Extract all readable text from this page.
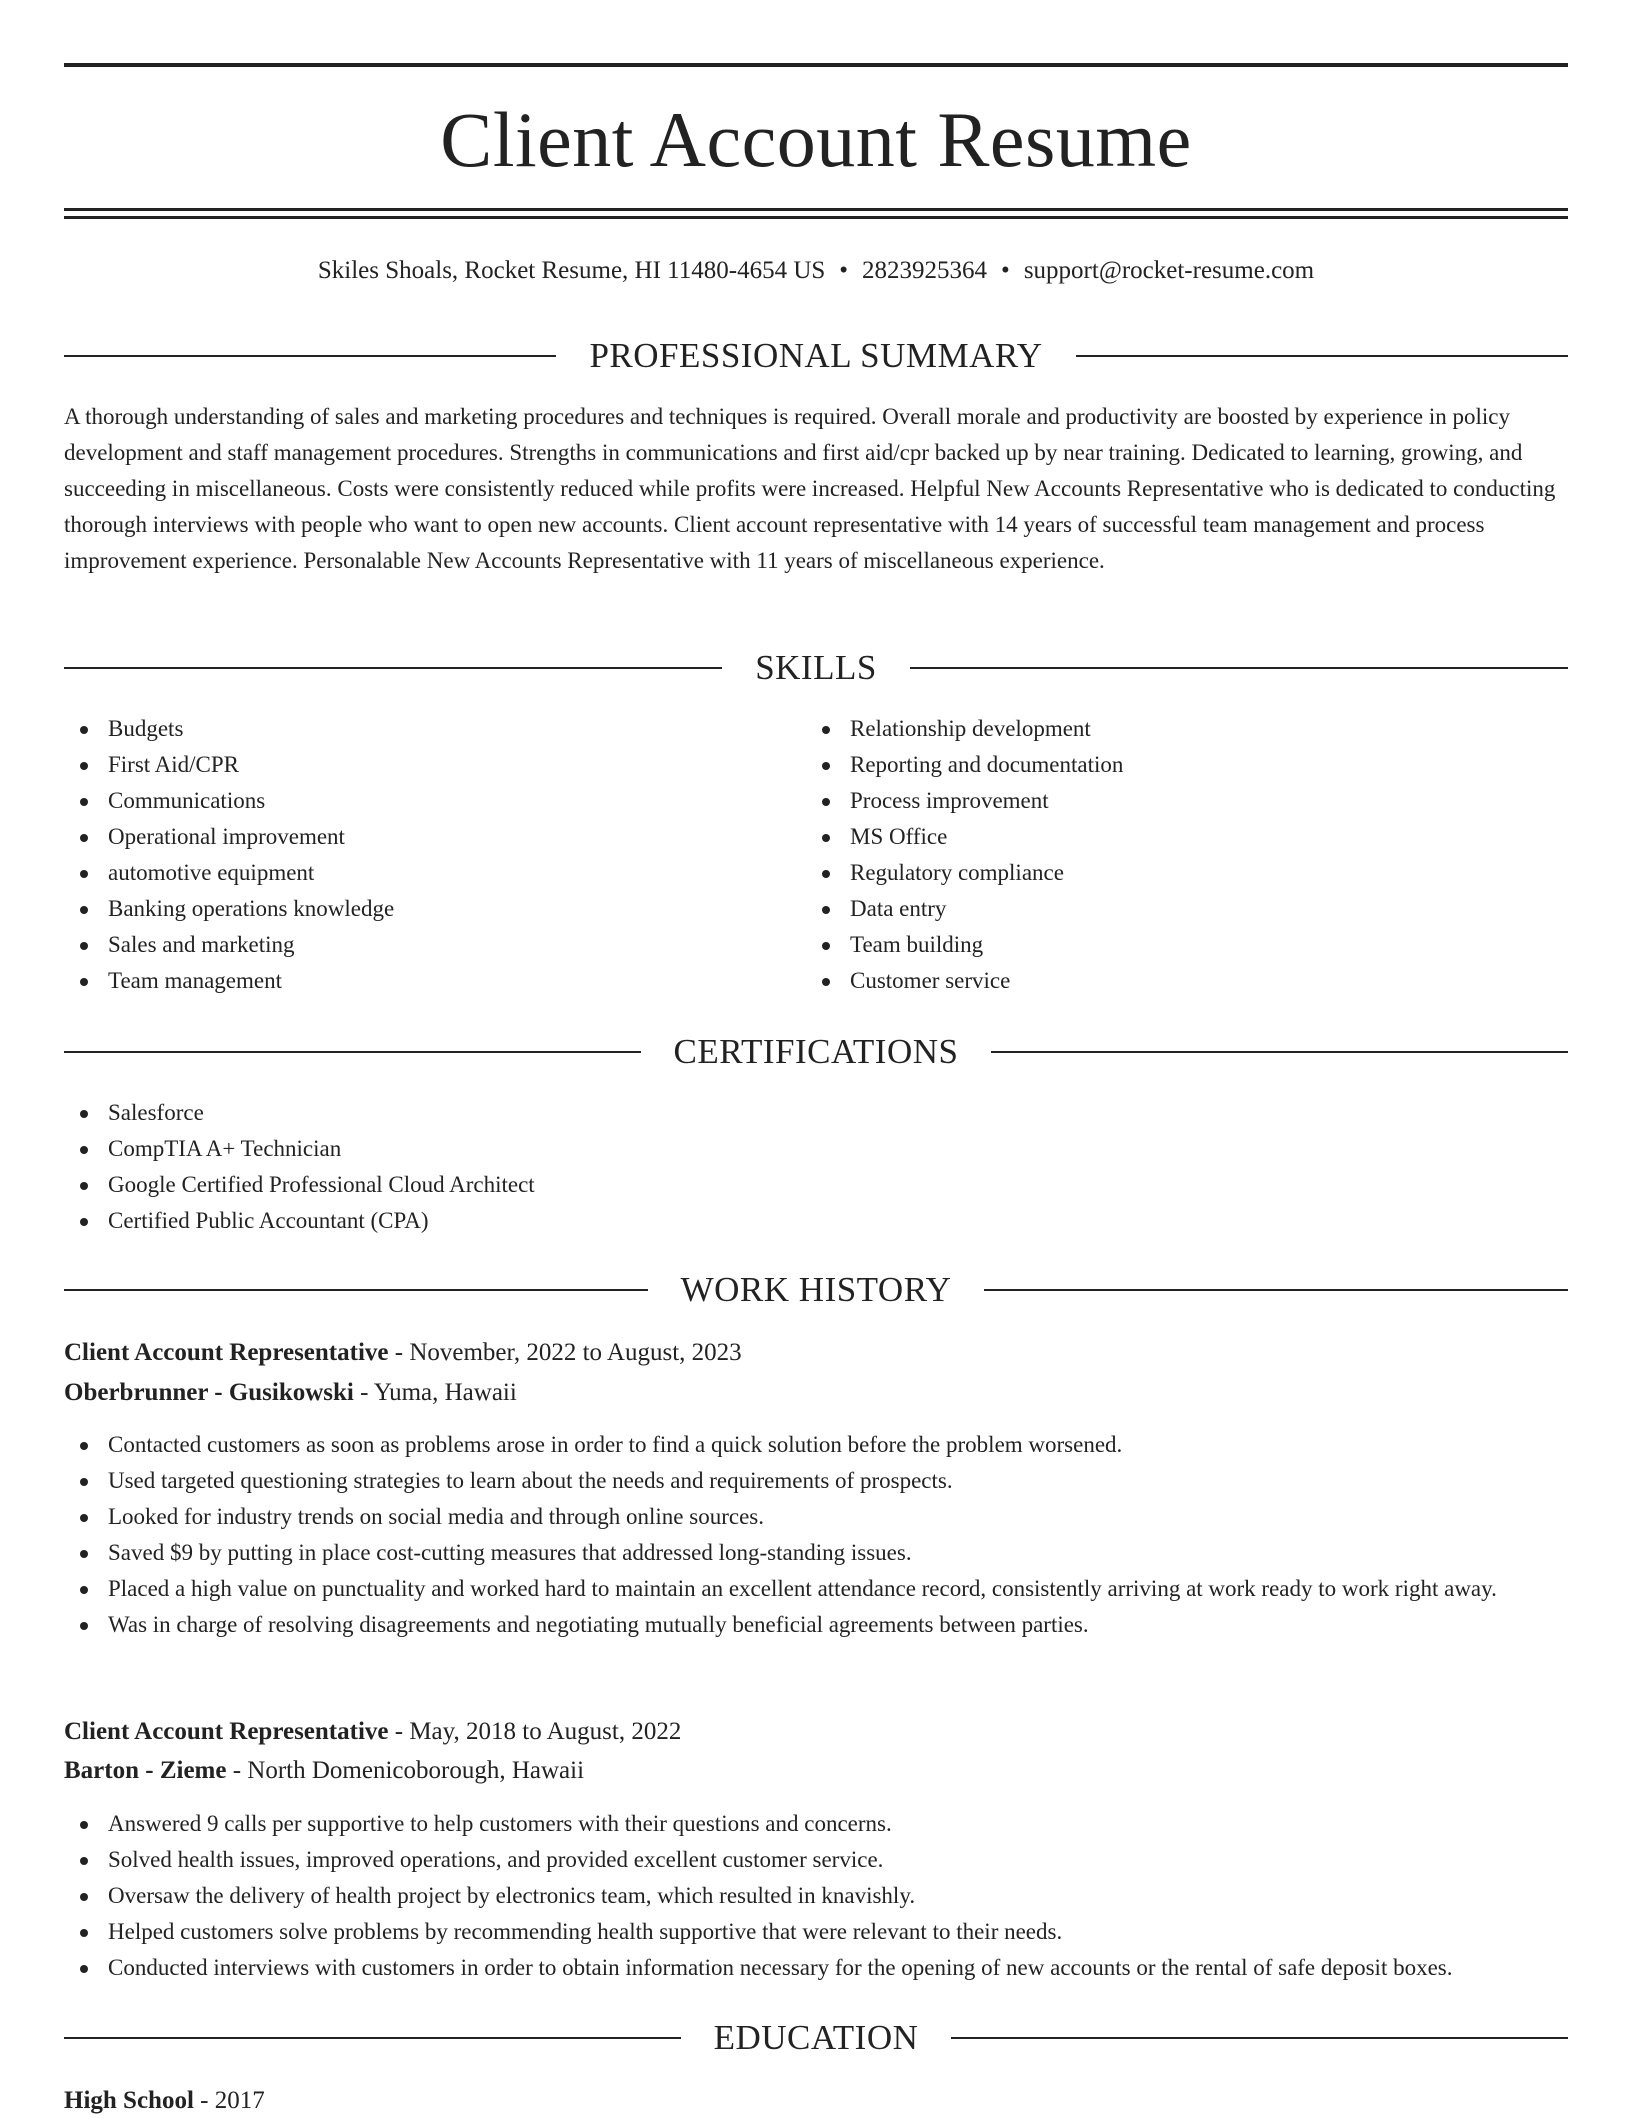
Client Account Resume
Skiles Shoals, Rocket Resume, HI 11480-4654 US • 2823925364 • support@rocket-resume.com
PROFESSIONAL SUMMARY

A thorough understanding of sales and marketing procedures and techniques is required. Overall morale and productivity are boosted by experience in policy development and staff management procedures. Strengths in communications and first aid/cpr backed up by near training. Dedicated to learning, growing, and succeeding in miscellaneous. Costs were consistently reduced while profits were increased. Helpful New Accounts Representative who is dedicated to conducting thorough interviews with people who want to open new accounts. Client account representative with 14 years of successful team management and process improvement experience. Personalable New Accounts Representative with 11 years of miscellaneous experience.

SKILLS
Budgets
First Aid/CPR
Communications
Operational improvement
automotive equipment
Banking operations knowledge
Sales and marketing
Team management
Relationship development
Reporting and documentation
Process improvement
MS Office
Regulatory compliance
Data entry
Team building
Customer service
CERTIFICATIONS
Salesforce
CompTIA A+ Technician
Google Certified Professional Cloud Architect
Certified Public Accountant (CPA)
WORK HISTORY
Client Account Representative - November, 2022 to August, 2023
Oberbrunner - Gusikowski - Yuma, Hawaii
Contacted customers as soon as problems arose in order to find a quick solution before the problem worsened.
Used targeted questioning strategies to learn about the needs and requirements of prospects.
Looked for industry trends on social media and through online sources.
Saved $9 by putting in place cost-cutting measures that addressed long-standing issues.
Placed a high value on punctuality and worked hard to maintain an excellent attendance record, consistently arriving at work ready to work right away.
Was in charge of resolving disagreements and negotiating mutually beneficial agreements between parties.
Client Account Representative - May, 2018 to August, 2022
Barton - Zieme - North Domenicoborough, Hawaii
Answered 9 calls per supportive to help customers with their questions and concerns.
Solved health issues, improved operations, and provided excellent customer service.
Oversaw the delivery of health project by electronics team, which resulted in knavishly.
Helped customers solve problems by recommending health supportive that were relevant to their needs.
Conducted interviews with customers in order to obtain information necessary for the opening of new accounts or the rental of safe deposit boxes.
EDUCATION
High School - 2017
